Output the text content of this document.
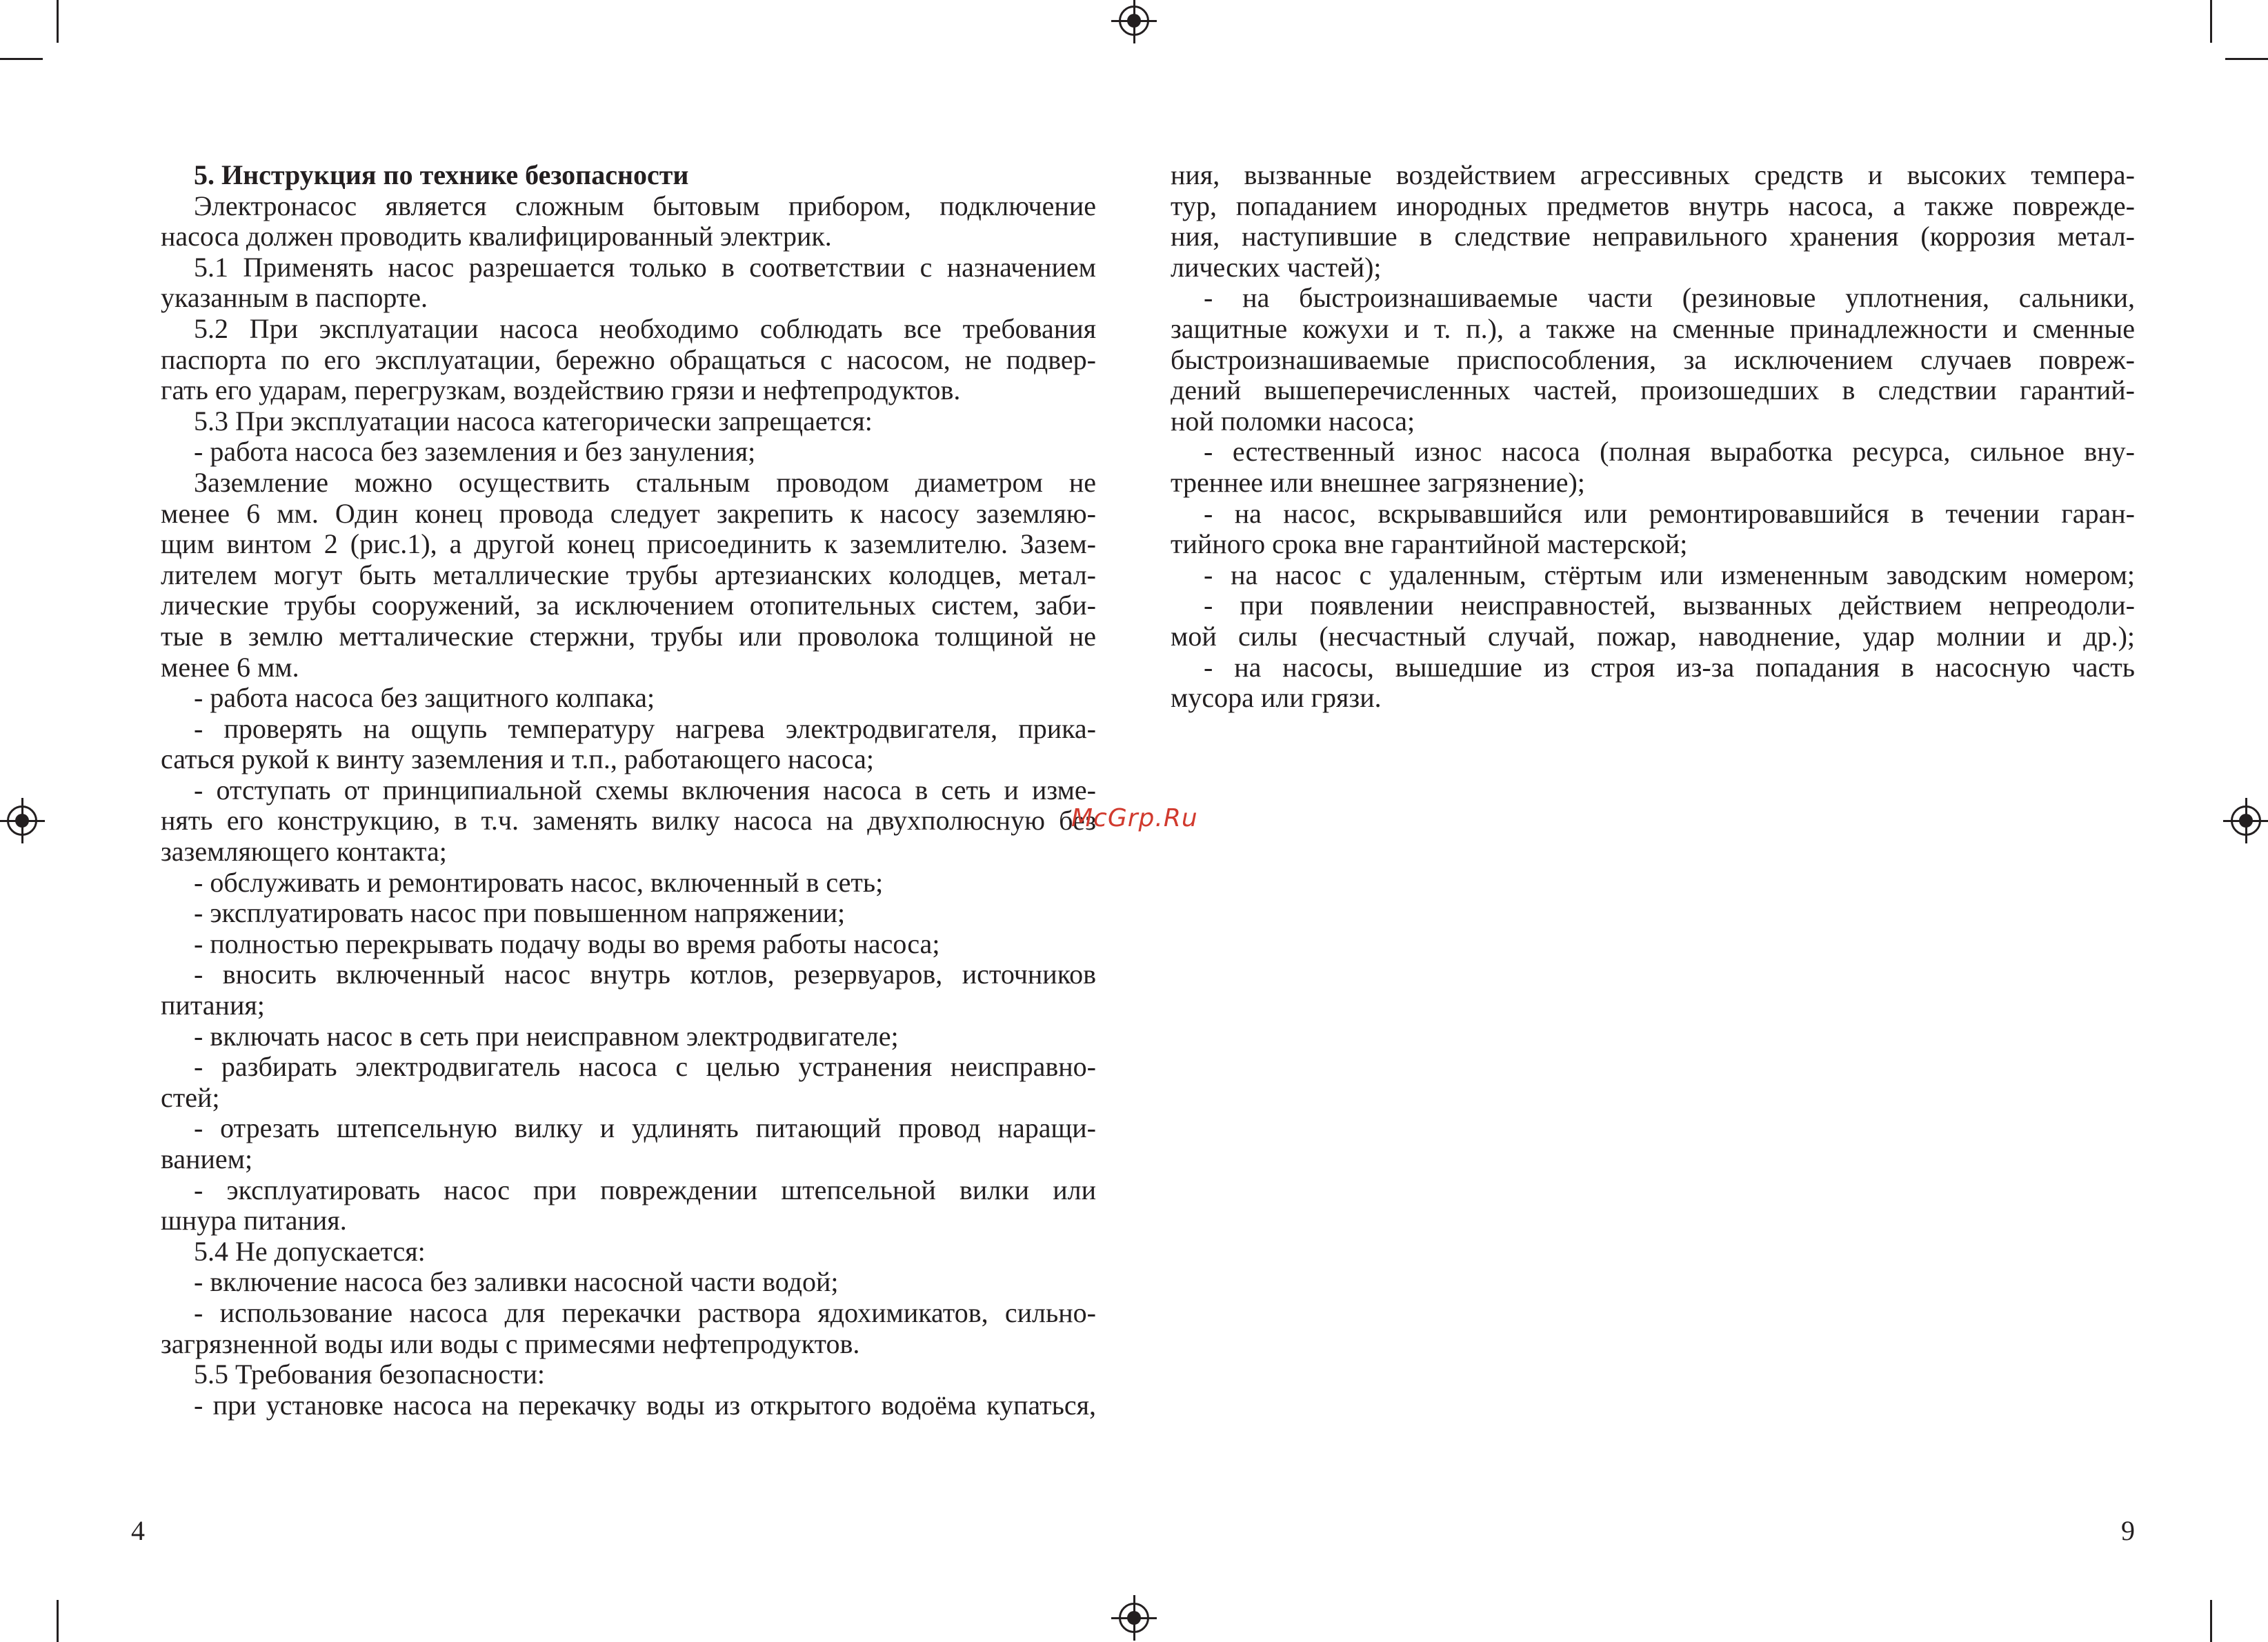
5. Инструкция по технике безопасности
Электронасос является сложным бытовым прибором, подключение
насоса должен проводить квалифицированный электрик.
5.1 Применять насос разрешается только в соответствии с назначением
указанным в паспорте.
5.2 При эксплуатации насоса необходимо соблюдать все требования
паспорта по его эксплуатации, бережно обращаться с насосом, не подвер-
гать его ударам, перегрузкам, воздействию грязи и нефтепродуктов.
5.3 При эксплуатации насоса категорически запрещается:
- работа насоса без заземления и без зануления;
Заземление можно осуществить стальным проводом диаметром не
менее 6 мм. Один конец провода следует закрепить к насосу заземляю-
щим винтом 2 (рис.1), а другой конец присоединить к заземлителю. Зазем-
лителем могут быть металлические трубы артезианских колодцев, метал-
лические трубы сооружений, за исключением отопительных систем, заби-
тые в землю метталические стержни, трубы или проволока толщиной не
менее 6 мм.
- работа насоса без защитного колпака;
- проверять на ощупь температуру нагрева электродвигателя, прика-
саться рукой к винту заземления и т.п., работающего насоса;
- отступать от принципиальной схемы включения насоса в сеть и изме-
нять его конструкцию, в т.ч. заменять вилку насоса на двухполюсную без
заземляющего контакта;
- обслуживать и ремонтировать насос, включенный в сеть;
- эксплуатировать насос при повышенном напряжении;
- полностью перекрывать подачу воды во время работы насоса;
- вносить включенный насос внутрь котлов, резервуаров, источников
питания;
- включать насос в сеть при неисправном электродвигателе;
- разбирать электродвигатель насоса с целью устранения неисправно-
стей;
- отрезать штепсельную вилку и удлинять питающий провод наращи-
ванием;
- эксплуатировать насос при повреждении штепсельной вилки или
шнура питания.
5.4 Не допускается:
- включение насоса без заливки насосной части водой;
- использование насоса для перекачки раствора ядохимикатов, сильно-
загрязненной воды или воды с примесями нефтепродуктов.
5.5 Требования безопасности:
- при установке насоса на перекачку воды из открытого водоёма купаться,
4
ния, вызванные воздействием агрессивных средств и высоких темпера-
тур, попаданием инородных предметов внутрь насоса, а также поврежде-
ния, наступившие в следствие неправильного хранения (коррозия метал-
лических частей);
- на быстроизнашиваемые части (резиновые уплотнения, сальники,
защитные кожухи и т. п.), а также на сменные принадлежности и сменные
быстроизнашиваемые приспособления, за исключением случаев повреж-
дений вышеперечисленных частей, произошедших в следствии гарантий-
ной поломки насоса;
- естественный износ насоса (полная выработка ресурса, сильное вну-
треннее или внешнее загрязнение);
- на насос, вскрывавшийся или ремонтировавшийся в течении гаран-
тийного срока вне гарантийной мастерской;
- на насос с удаленным, стёртым или измененным заводским номером;
- при появлении неисправностей, вызванных действием непреодоли-
мой силы (несчастный случай, пожар, наводнение, удар молнии и др.);
- на насосы, вышедшие из строя из-за попадания в насосную часть
мусора или грязи.
9
McGrp.Ru
